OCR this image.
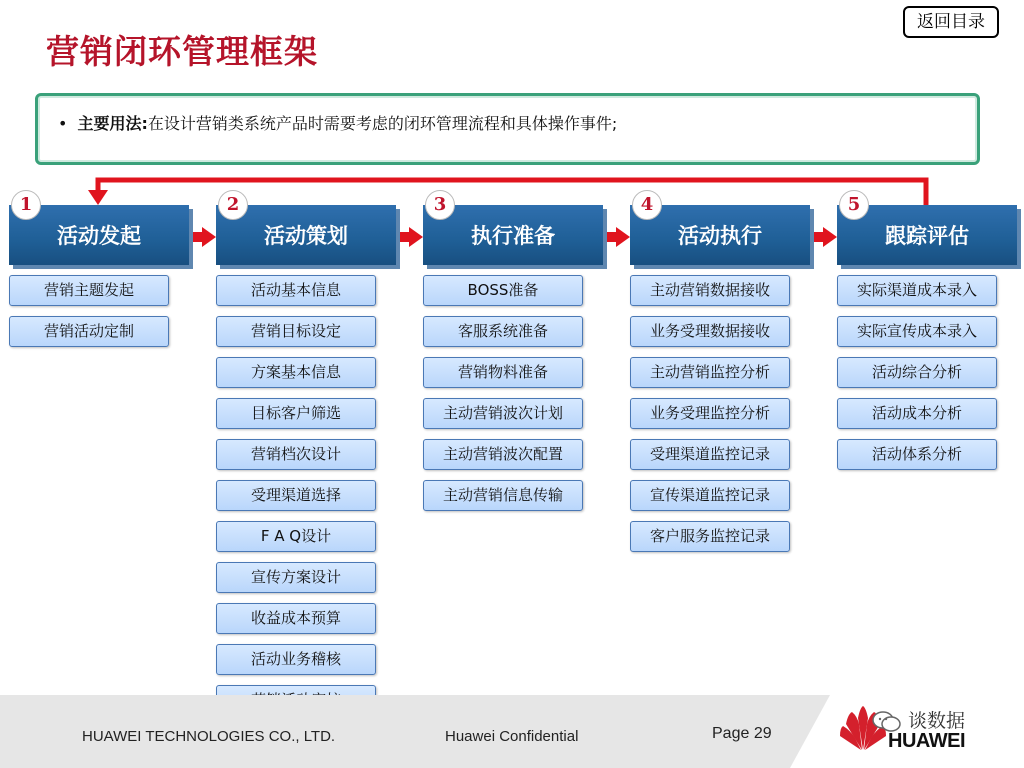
营销闭环管理框架
返回目录
• 主要用法:在设计营销类系统产品时需要考虑的闭环管理流程和具体操作事件;
活动发起
1
营销主题发起
营销活动定制
活动策划
2
活动基本信息
营销目标设定
方案基本信息
目标客户筛选
营销档次设计
受理渠道选择
F A Q设计
宣传方案设计
收益成本预算
活动业务稽核
执行准备
3
BOSS准备
客服系统准备
营销物料准备
主动营销波次计划
主动营销波次配置
主动营销信息传输
活动执行
4
主动营销数据接收
业务受理数据接收
主动营销监控分析
业务受理监控分析
受理渠道监控记录
宣传渠道监控记录
客户服务监控记录
跟踪评估
5
实际渠道成本录入
实际宣传成本录入
活动综合分析
活动成本分析
活动体系分析
HUAWEI TECHNOLOGIES CO., LTD.	Huawei Confidential	Page 29	HUAWEI
谈数据
